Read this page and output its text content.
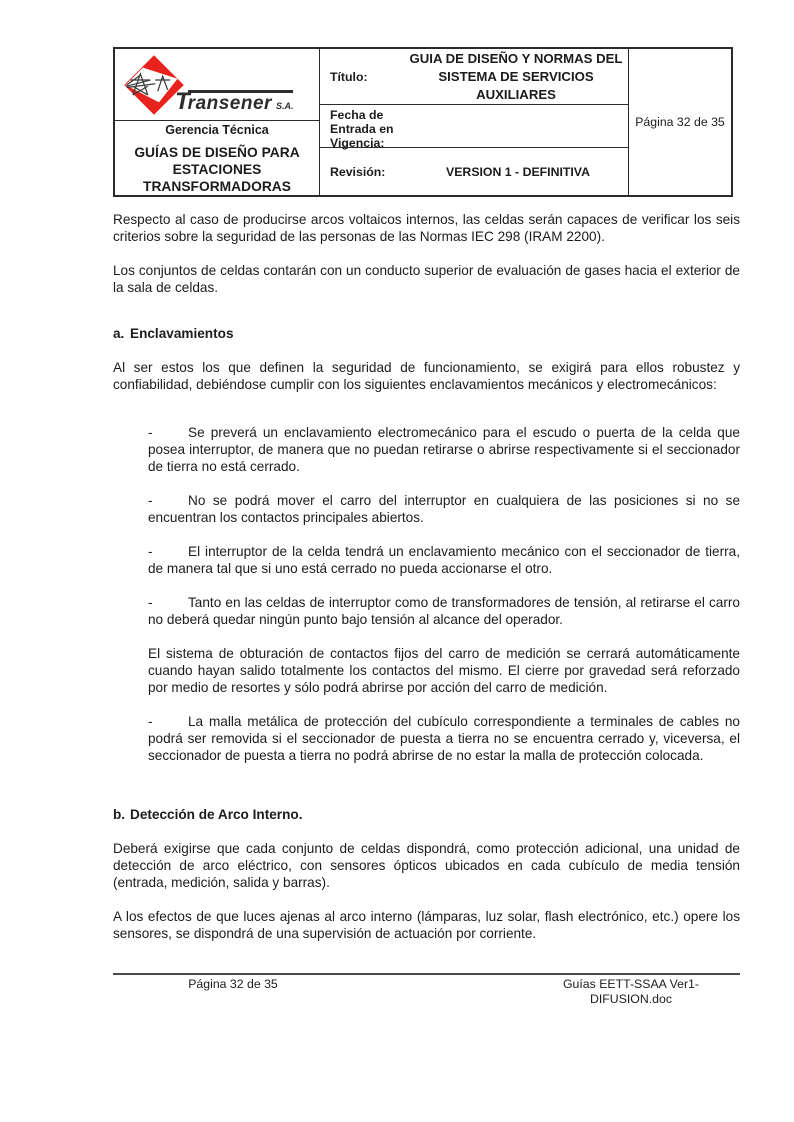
Transener S.A.
Gerencia Técnica
GUÍAS DE DISEÑO PARA ESTACIONES TRANSFORMADORAS
Título:
GUIA DE DISEÑO Y NORMAS DEL SISTEMA DE SERVICIOS AUXILIARES
Fecha de Entrada en Vigencia:
Revisión:	VERSION 1 - DEFINITIVA
Página 32 de 35

Respecto al caso de producirse arcos voltaicos internos, las celdas serán capaces de verificar los seis criterios sobre la seguridad de las personas de las Normas IEC 298 (IRAM 2200).

Los conjuntos de celdas contarán con un conducto superior de evaluación de gases hacia el exterior de la sala de celdas.

a. Enclavamientos

Al ser estos los que definen la seguridad de funcionamiento, se exigirá para ellos robustez y confiabilidad, debiéndose cumplir con los siguientes enclavamientos mecánicos y electromecánicos:

-	Se preverá un enclavamiento electromecánico para el escudo o puerta de la celda que posea interruptor, de manera que no puedan retirarse o abrirse respectivamente si el seccionador de tierra no está cerrado.

-	No se podrá mover el carro del interruptor en cualquiera de las posiciones si no se encuentran los contactos principales abiertos.

-	El interruptor de la celda tendrá un enclavamiento mecánico con el seccionador de tierra, de manera tal que si uno está cerrado no pueda accionarse el otro.

-	Tanto en las celdas de interruptor como de transformadores de tensión, al retirarse el carro no deberá quedar ningún punto bajo tensión al alcance del operador.

El sistema de obturación de contactos fijos del carro de medición se cerrará automáticamente cuando hayan salido totalmente los contactos del mismo. El cierre por gravedad será reforzado por medio de resortes y sólo podrá abrirse por acción del carro de medición.

-	La malla metálica de protección del cubículo correspondiente a terminales de cables no podrá ser removida si el seccionador de puesta a tierra no se encuentra cerrado y, viceversa, el seccionador de puesta a tierra no podrá abrirse de no estar la malla de protección colocada.

b. Detección de Arco Interno.

Deberá exigirse que cada conjunto de celdas dispondrá, como protección adicional, una unidad de detección de arco eléctrico, con sensores ópticos ubicados en cada cubículo de media tensión (entrada, medición, salida y barras).

A los efectos de que luces ajenas al arco interno (lámparas, luz solar, flash electrónico, etc.) opere los sensores, se dispondrá de una supervisión de actuación por corriente.

Página 32 de 35	Guías EETT-SSAA Ver1-
DIFUSION.doc
